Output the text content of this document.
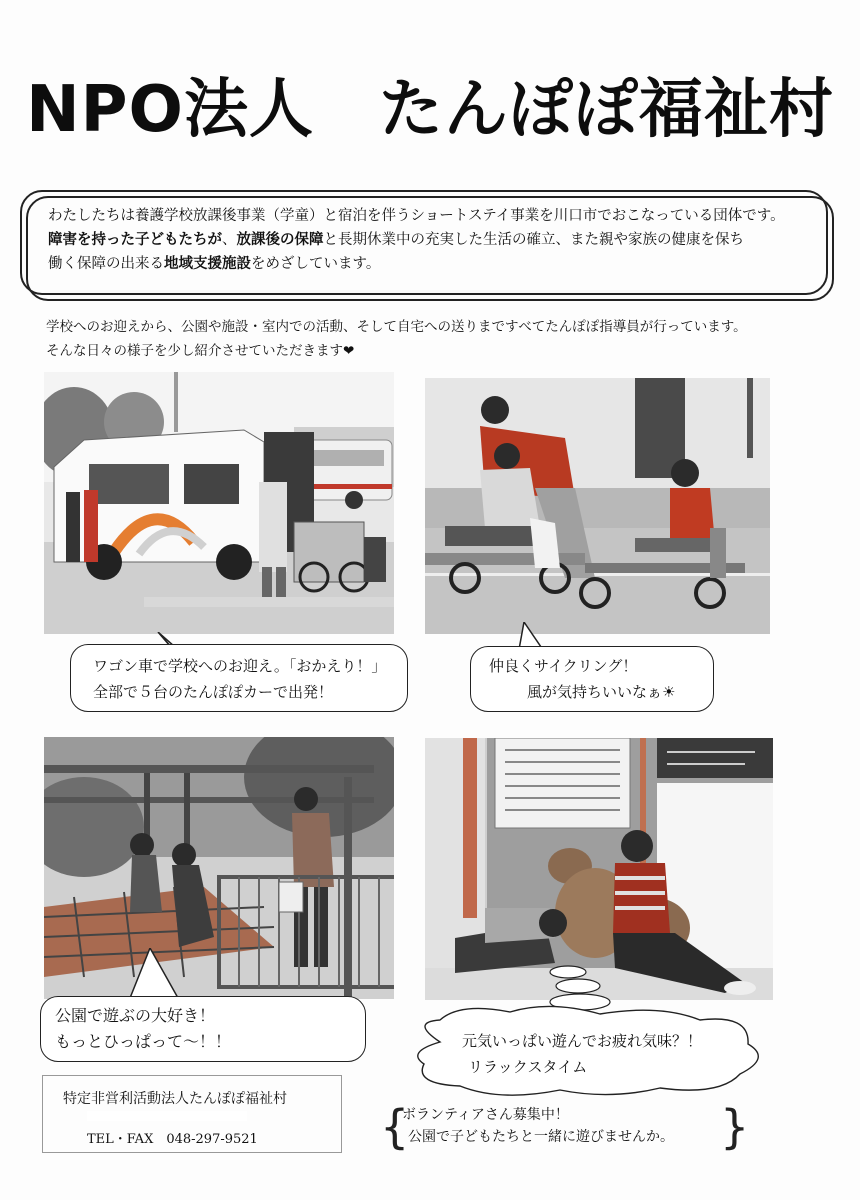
NPO法人　たんぽぽ福祉村
わたしたちは養護学校放課後事業（学童）と宿泊を伴うショートステイ事業を川口市でおこなっている団体です。
障害を持った子どもたちが、放課後の保障と長期休業中の充実した生活の確立、また親や家族の健康を保ち
働く保障の出来る地域支援施設をめざしています。
学校へのお迎えから、公園や施設・室内での活動、そして自宅への送りまですべてたんぽぽ指導員が行っています。
そんな日々の様子を少し紹介させていただきます❤
ワゴン車で学校へのお迎え。「おかえり！」
全部で５台のたんぽぽカーで出発！
仲良くサイクリング！
風が気持ちいいなぁ☀
公園で遊ぶの大好き！
もっとひっぱって～！！	元気いっぱい遊んでお疲れ気味？！
リラックスタイム
特定非営利活動法人たんぽぽ福祉村
TEL・FAX　048-297-9521	{
ボランティアさん募集中！
公園で子どもたちと一緒に遊びませんか。 }
